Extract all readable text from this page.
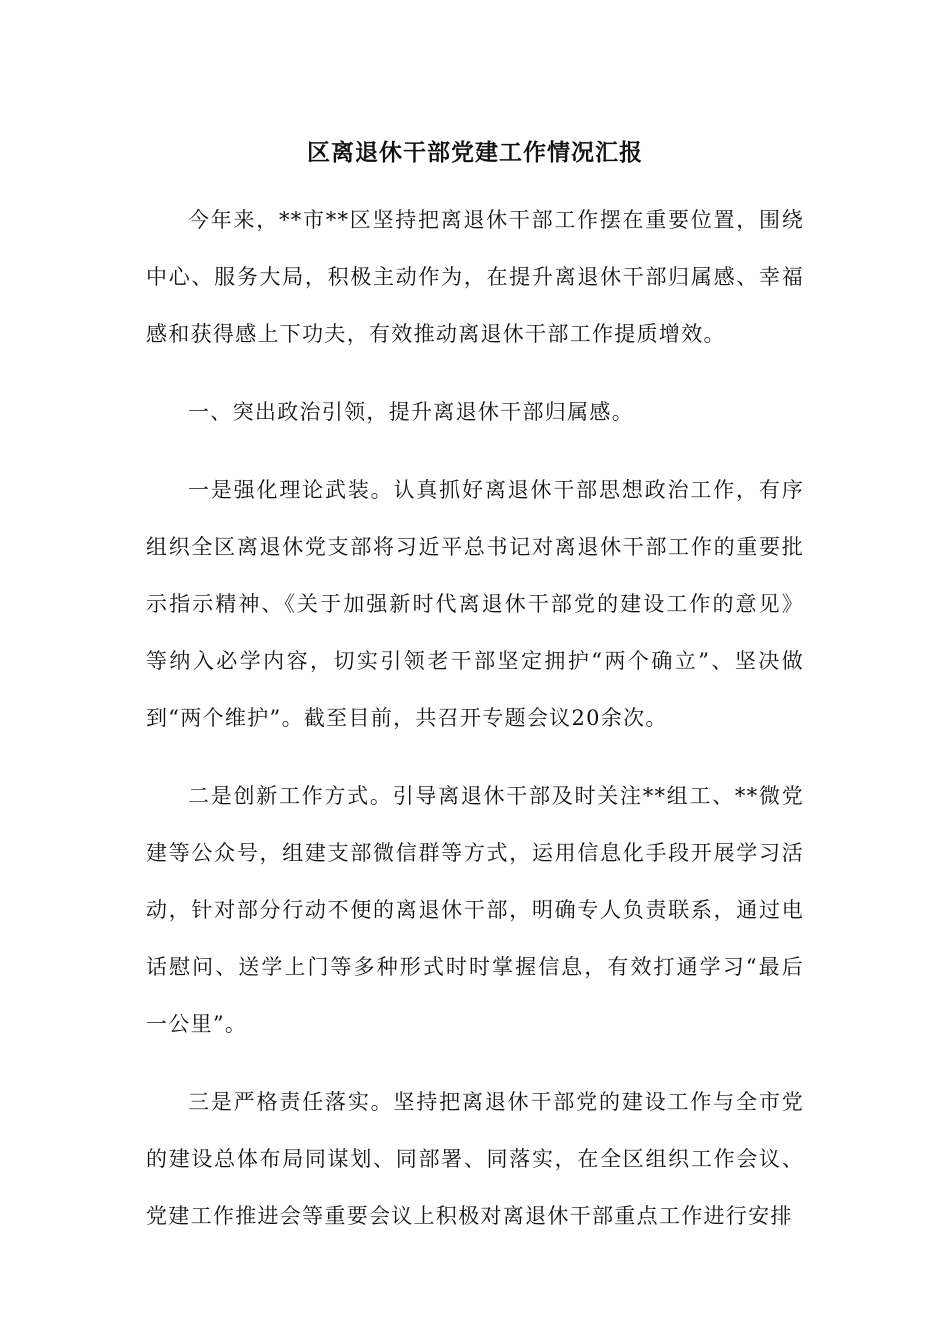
区离退休干部党建工作情况汇报

今年来，**市**区坚持把离退休干部工作摆在重要位置，围绕中心、服务大局，积极主动作为，在提升离退休干部归属感、幸福感和获得感上下功夫，有效推动离退休干部工作提质增效。

一、突出政治引领，提升离退休干部归属感。

一是强化理论武装。认真抓好离退休干部思想政治工作，有序组织全区离退休党支部将习近平总书记对离退休干部工作的重要批示指示精神、《关于加强新时代离退休干部党的建设工作的意见》等纳入必学内容，切实引领老干部坚定拥护“两个确立”、坚决做到“两个维护”。截至目前，共召开专题会议20余次。

二是创新工作方式。引导离退休干部及时关注**组工、**微党建等公众号，组建支部微信群等方式，运用信息化手段开展学习活动，针对部分行动不便的离退休干部，明确专人负责联系，通过电话慰问、送学上门等多种形式时时掌握信息，有效打通学习“最后一公里”。

三是严格责任落实。坚持把离退休干部党的建设工作与全市党的建设总体布局同谋划、同部署、同落实，在全区组织工作会议、党建工作推进会等重要会议上积极对离退休干部重点工作进行安排
